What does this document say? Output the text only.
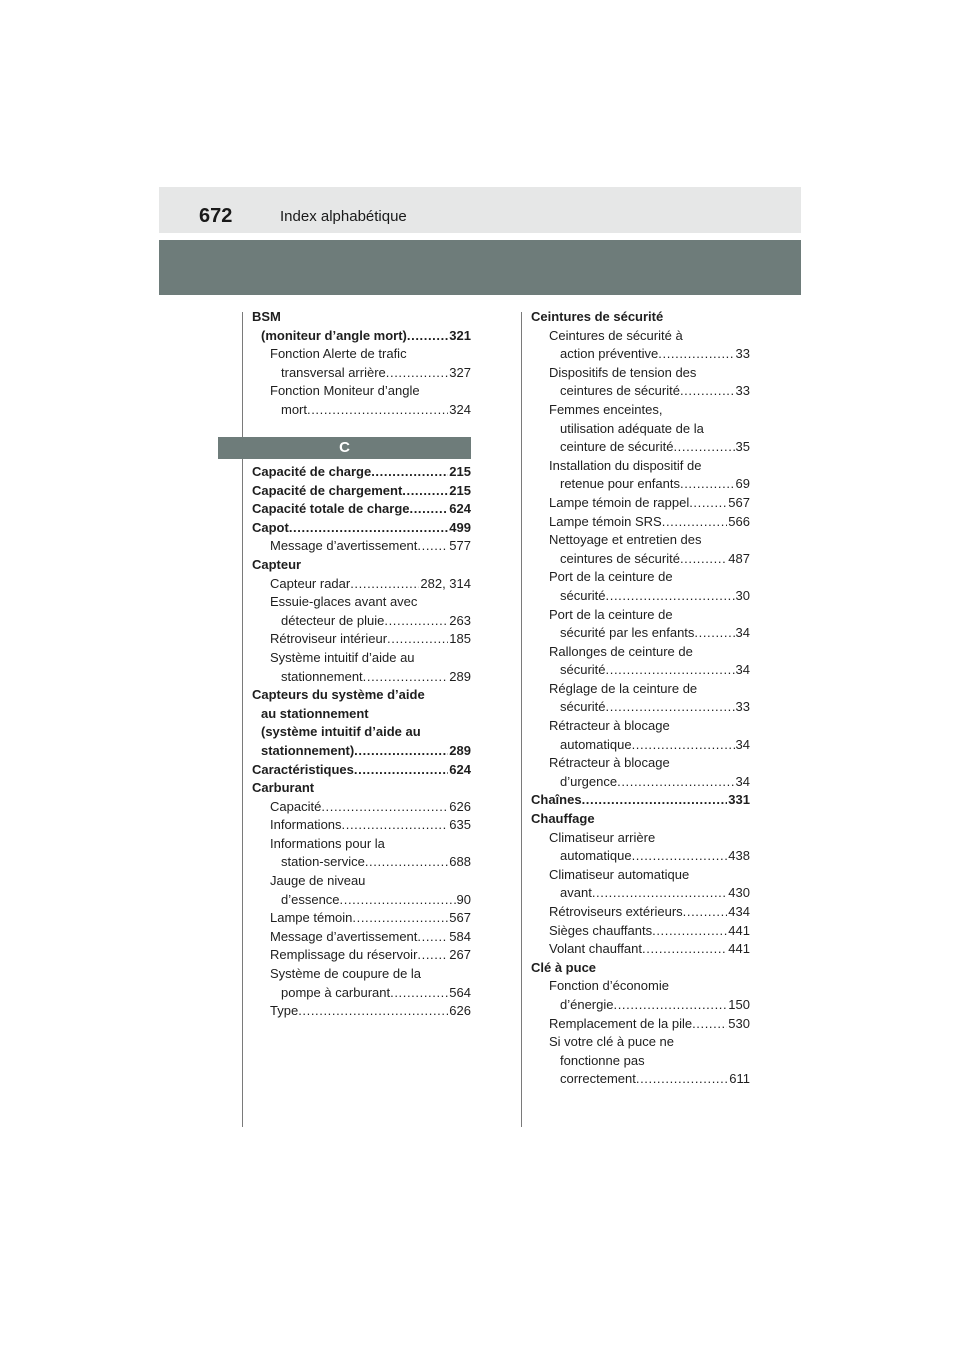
672	Index alphabétique
BSM
(moniteur d’angle mort) .....	321
Fonction Alerte de trafic
transversal arrière .....	327
Fonction Moniteur d’angle
mort .....	324
C
Capacité de charge .....	215
Capacité de chargement .....	215
Capacité totale de charge .....	624
Capot .....	499
Message d’avertissement ..... 577
Capteur
Capteur radar .....	282, 314
Essuie-glaces avant avec
détecteur de pluie .....	263
Rétroviseur intérieur .....	185
Système intuitif d’aide au
stationnement .....	289
Capteurs du système d’aide
au stationnement
(système intuitif d’aide au
stationnement) .....	289
Caractéristiques .....	624
Carburant
Capacité .....	626
Informations .....	635
Informations pour la
station-service .....	688
Jauge de niveau
d’essence .....	90
Lampe témoin .....	567
Message d’avertissement ..... 584
Remplissage du réservoir ..... 267
Système de coupure de la
pompe à carburant .....	564
Type .....	626
Ceintures de sécurité
Ceintures de sécurité à
action préventive .....	33
Dispositifs de tension des
ceintures de sécurité .....	33
Femmes enceintes,
utilisation adéquate de la
ceinture de sécurité .....	35
Installation du dispositif de
retenue pour enfants .....	69
Lampe témoin de rappel .....	567
Lampe témoin SRS .....	566
Nettoyage et entretien des
ceintures de sécurité .....	487
Port de la ceinture de
sécurité .....	30
Port de la ceinture de
sécurité par les enfants .....	34
Rallonges de ceinture de
sécurité .....	34
Réglage de la ceinture de
sécurité .....	33
Rétracteur à blocage
automatique .....	34
Rétracteur à blocage
d’urgence .....	34
Chaînes .....	331
Chauffage
Climatiseur arrière
automatique .....	438
Climatiseur automatique
avant .....	430
Rétroviseurs extérieurs .....	434
Sièges chauffants .....	441
Volant chauffant .....	441
Clé à puce
Fonction d’économie
d’énergie .....	150
Remplacement de la pile .....	530
Si votre clé à puce ne
fonctionne pas
correctement .....	611
